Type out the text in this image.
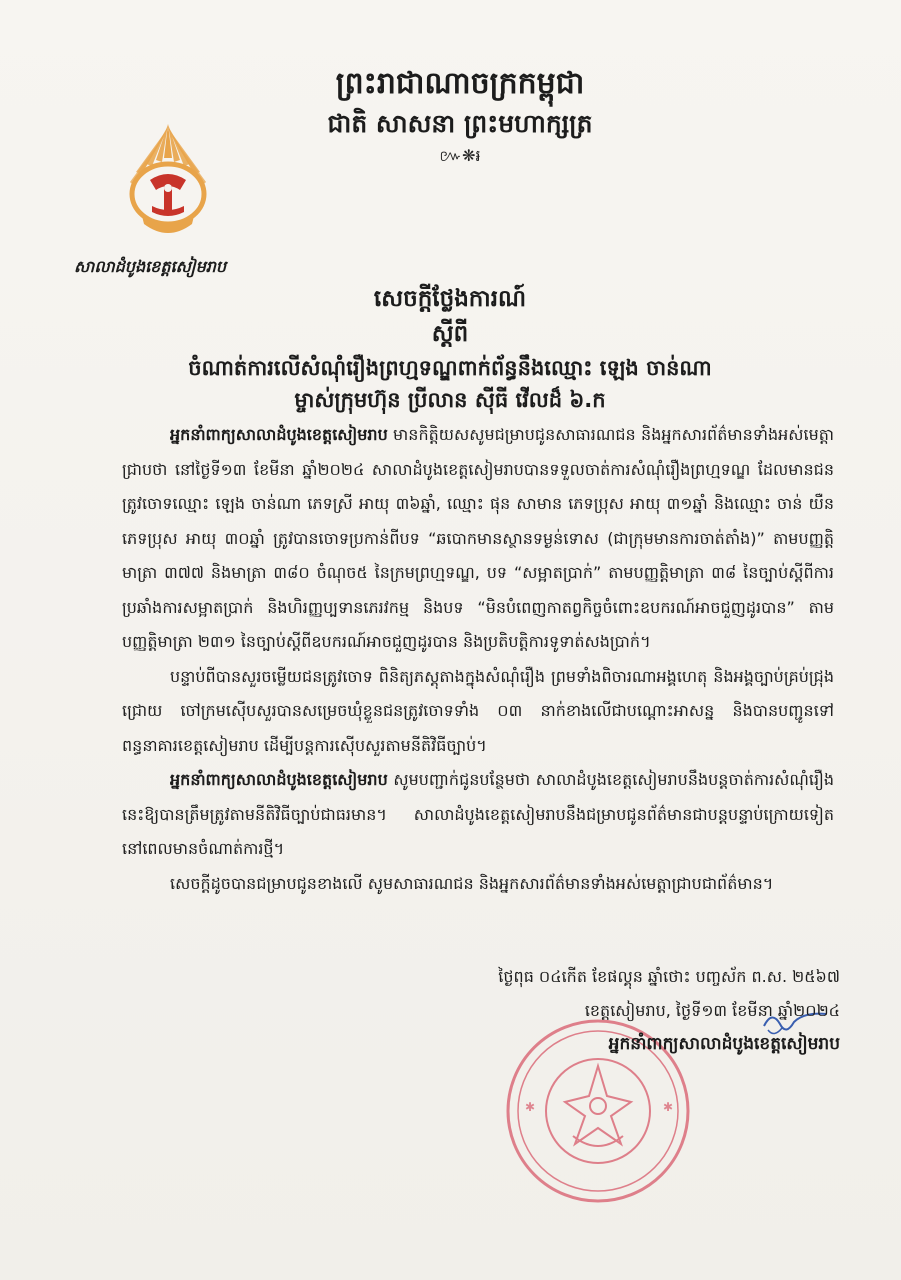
ព្រះរាជាណាចក្រកម្ពុជា

ជាតិ សាសនា ព្រះមហាក្សត្រ

៚❋៛
សាលាដំបូងខេត្តសៀមរាប

សេចក្តីថ្លែងការណ៍

ស្តីពី

ចំណាត់ការលើសំណុំរឿងព្រហ្មទណ្ឌពាក់ព័ន្ធនឹងឈ្មោះ ឡេង ចាន់ណា

ម្ចាស់ក្រុមហ៊ុន ប្រីលាន ស៊ីធី វើលដ៏ ៦.ក

អ្នកនាំពាក្យសាលាដំបូងខេត្តសៀមរាប មានកិត្តិយសសូមជម្រាបជូនសាធារណជន និងអ្នកសារព័ត៌មានទាំងអស់មេត្តាជ្រាបថា នៅថ្ងៃទី១៣ ខែមីនា ឆ្នាំ២០២៤ សាលាដំបូងខេត្តសៀមរាបបានទទួលចាត់ការសំណុំរឿងព្រហ្មទណ្ឌ ដែលមានជនត្រូវចោទឈ្មោះ ឡេង ចាន់ណា ភេទស្រី អាយុ ៣៦ឆ្នាំ, ឈ្មោះ ផុន សាមាន ភេទប្រុស អាយុ ៣១ឆ្នាំ និងឈ្មោះ ចាន់ យឺន ភេទប្រុស អាយុ ៣០ឆ្នាំ ត្រូវបានចោទប្រកាន់ពីបទ “ឆបោកមានស្ថានទម្ងន់ទោស (ជាក្រុមមានការចាត់តាំង)” តាមបញ្ញត្តិមាត្រា ៣៧៧ និងមាត្រា ៣៨០ ចំណុច៥ នៃក្រមព្រហ្មទណ្ឌ, បទ “សម្អាតប្រាក់” តាមបញ្ញត្តិមាត្រា ៣៨ នៃច្បាប់ស្តីពីការប្រឆាំងការសម្អាតប្រាក់ និងហិរញ្ញប្បទានភេរវកម្ម និងបទ “មិនបំពេញកាតព្វកិច្ចចំពោះឧបករណ៍អាចជួញដូរបាន” តាមបញ្ញត្តិមាត្រា ២៣១ នៃច្បាប់ស្តីពីឧបករណ៍អាចជួញដូរបាន និងប្រតិបត្តិការទូទាត់សងប្រាក់។

បន្ទាប់ពីបានសួរចម្លើយជនត្រូវចោទ ពិនិត្យភស្តុតាងក្នុងសំណុំរឿង ព្រមទាំងពិចារណាអង្គហេតុ និងអង្គច្បាប់គ្រប់ជ្រុងជ្រោយ ចៅក្រមស៊ើបសួរបានសម្រេចឃុំខ្លួនជនត្រូវចោទទាំង ០៣ នាក់ខាងលើជាបណ្តោះអាសន្ន និងបានបញ្ជូនទៅពន្ធនាគារខេត្តសៀមរាប ដើម្បីបន្តការស៊ើបសួរតាមនីតិវិធីច្បាប់។

អ្នកនាំពាក្យសាលាដំបូងខេត្តសៀមរាប សូមបញ្ជាក់ជូនបន្ថែមថា សាលាដំបូងខេត្តសៀមរាបនឹងបន្តចាត់ការសំណុំរឿងនេះឱ្យបានត្រឹមត្រូវតាមនីតិវិធីច្បាប់ជាធរមាន។ សាលាដំបូងខេត្តសៀមរាបនឹងជម្រាបជូនព័ត៌មានជាបន្តបន្ទាប់ក្រោយទៀត នៅពេលមានចំណាត់ការថ្មី។

សេចក្តីដូចបានជម្រាបជូនខាងលើ សូមសាធារណជន និងអ្នកសារព័ត៌មានទាំងអស់មេត្តាជ្រាបជាព័ត៌មាន។

✱	✱

ថ្ងៃពុធ ០៤កើត ខែផល្គុន ឆ្នាំថោះ បញ្ចស័ក ព.ស. ២៥៦៧

ខេត្តសៀមរាប, ថ្ងៃទី១៣ ខែមីនា ឆ្នាំ២០២៤

អ្នកនាំពាក្យសាលាដំបូងខេត្តសៀមរាប
